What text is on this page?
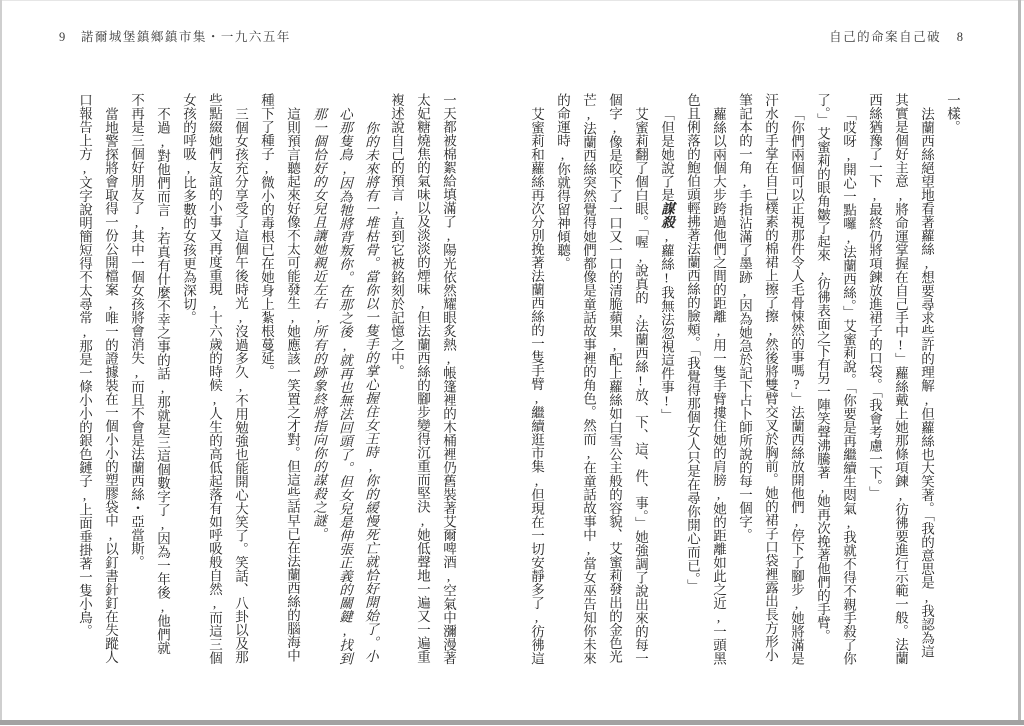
9 諾爾城堡鎮鄉鎮市集・一九六五年

一天都被棉絮給填滿了,陽光依然耀眼炙熱,帳篷裡的木桶裡仍舊裝著艾爾啤酒,空氣中瀰漫著太妃糖燒焦的氣味以及淡淡的煙味,但法蘭西絲的腳步變得沉重而堅決,她低聲地一遍又一遍重複述說自己的預言,直到它被銘刻於記憶之中。

你的未來將有一堆枯骨。當你以一隻手的掌心握住女王時,你的緩慢死亡就恰好開始了。小心那隻鳥,因為牠將背叛你。在那之後,就再也無法回頭了。但女兒是伸張正義的關鍵,找到那一個恰好的女兒且讓她親近左右,所有的跡象終將指向你的謀殺之謎。

這則預言聽起來好像不太可能發生,她應該一笑置之才對。但這些話早已在法蘭西絲的腦海中種下了種子,微小的毒根已在她身上紮根蔓延。

三個女孩充分享受了這個午後時光,沒過多久,不用勉強也能開心大笑了。笑話、八卦以及那些點綴她們友誼的小事又再度重現,十六歲的時候,人生的高低起落有如呼吸般自然,而這三個女孩的呼吸,比多數的女孩更為深切。

不過,對他們而言,若真有什麼不幸之事的話,那就是三這個數字了,因為一年後,他們就不再是三個好朋友了,其中一個女孩將會消失,而且不會是法蘭西絲・亞當斯。

當地警探將會取得一份公開檔案,唯一的證據裝在一個小小的塑膠袋中,以釘書針釘在失蹤人口報告上方,文字說明簡短得不太尋常,那是一條小小的銀色鏈子,上面垂掛著一隻小鳥。

自己的命案自己破 8

一樣。

法蘭西絲絕望地看著蘿絲,想要尋求些許的理解,但蘿絲也大笑著。「我的意思是,我認為這其實是個好主意,將命運掌握在自己手中!」蘿絲戴上她那條項鍊,彷彿要進行示範一般。法蘭西絲猶豫了一下,最終仍將項鍊放進裙子的口袋。「我會考慮一下。」

「哎呀,開心一點囉,法蘭西絲。」艾蜜莉說。「你要是再繼續生悶氣,我就不得不親手殺了你了。」艾蜜莉的眼角皺了起來,彷彿表面之下有另一陣笑聲沸騰著,她再次挽著他們的手臂。

「你們兩個可以正視那件令人毛骨悚然的事嗎?」法蘭西絲放開他們,停下了腳步,她將滿是汗水的手掌在自己樸素的棉裙上擦了擦,然後將雙臂交叉於胸前。她的裙子口袋裡露出長方形小筆記本的一角,手指沾滿了墨跡,因為她急於記下占卜師所說的每一個字。

蘿絲以兩個大步跨過他們之間的距離,用一隻手臂摟住她的肩膀,她的距離如此之近,一頭黑色且俐落的鮑伯頭輕拂著法蘭西絲的臉頰。「我覺得那個女人只是在尋你開心而已。」

「但是她說了是謀殺,蘿絲!我無法忽視這件事!」

艾蜜莉翻了個白眼。「喔,說真的,法蘭西絲!放、下、這、件、事。」她強調了說出來的每一個字,像是咬下了一口又一口的清脆蘋果,配上蘿絲如白雪公主般的容貌、艾蜜莉發出的金色光芒,法蘭西絲突然覺得她們都像是童話故事裡的角色。然而,在童話故事中,當女巫告知你未來的命運時,你就得留神傾聽。

艾蜜莉和蘿絲再次分別挽著法蘭西絲的一隻手臂,繼續逛市集,但現在一切安靜多了,彷彿這
